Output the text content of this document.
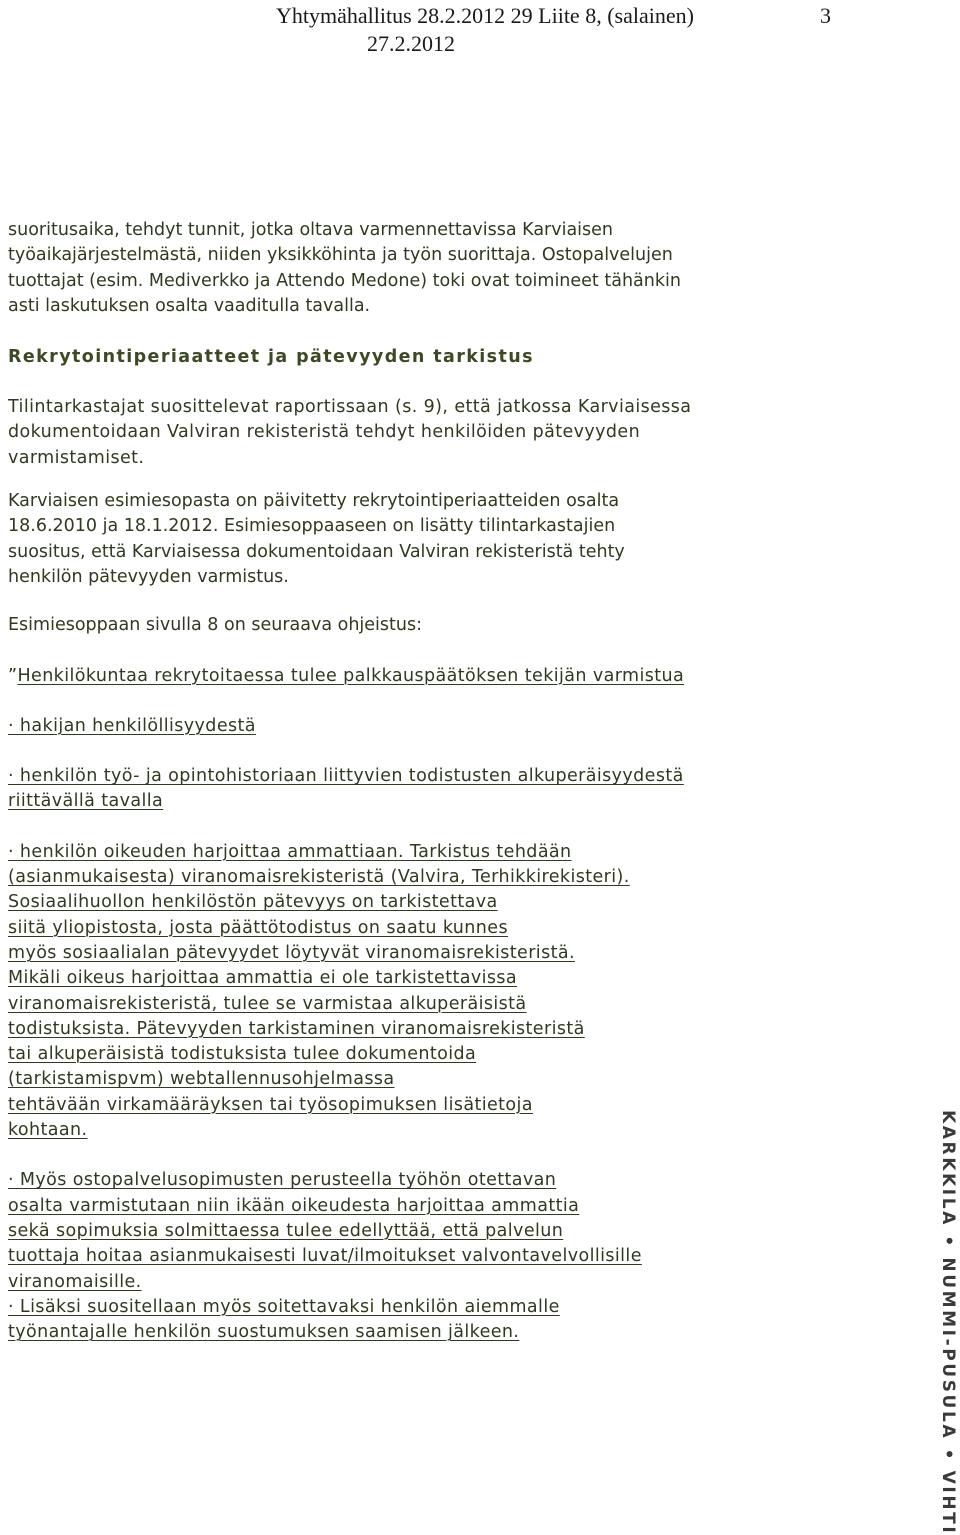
Yhtymähallitus 28.2.2012 29 Liite 8, (salainen)	3
27.2.2012

suoritusaika, tehdyt tunnit, jotka oltava varmennettavissa Karviaisen
työaikajärjestelmästä, niiden yksikköhinta ja työn suorittaja. Ostopalvelujen
tuottajat (esim. Mediverkko ja Attendo Medone) toki ovat toimineet tähänkin
asti laskutuksen osalta vaaditulla tavalla.

Rekrytointiperiaatteet ja pätevyyden tarkistus

Tilintarkastajat suosittelevat raportissaan (s. 9), että jatkossa Karviaisessa
dokumentoidaan Valviran rekisteristä tehdyt henkilöiden pätevyyden
varmistamiset.

Karviaisen esimiesopasta on päivitetty rekrytointiperiaatteiden osalta
18.6.2010 ja 18.1.2012. Esimiesoppaaseen on lisätty tilintarkastajien
suositus, että Karviaisessa dokumentoidaan Valviran rekisteristä tehty
henkilön pätevyyden varmistus.

Esimiesoppaan sivulla 8 on seuraava ohjeistus:

”Henkilökuntaa rekrytoitaessa tulee palkkauspäätöksen tekijän varmistua
· hakijan henkilöllisyydestä
· henkilön työ- ja opintohistoriaan liittyvien todistusten alkuperäisyydestä
riittävällä tavalla
· henkilön oikeuden harjoittaa ammattiaan. Tarkistus tehdään
(asianmukaisesta) viranomaisrekisteristä (Valvira, Terhikkirekisteri).
Sosiaalihuollon henkilöstön pätevyys on tarkistettava
siitä yliopistosta, josta päättötodistus on saatu kunnes
myös sosiaalialan pätevyydet löytyvät viranomaisrekisteristä.
Mikäli oikeus harjoittaa ammattia ei ole tarkistettavissa
viranomaisrekisteristä, tulee se varmistaa alkuperäisistä
todistuksista. Pätevyyden tarkistaminen viranomaisrekisteristä
tai alkuperäisistä todistuksista tulee dokumentoida
(tarkistamispvm) webtallennusohjelmassa
tehtävään virkamääräyksen tai työsopimuksen lisätietoja
kohtaan.
· Myös ostopalvelusopimusten perusteella työhön otettavan
osalta varmistutaan niin ikään oikeudesta harjoittaa ammattia
sekä sopimuksia solmittaessa tulee edellyttää, että palvelun
tuottaja hoitaa asianmukaisesti luvat/ilmoitukset valvontavelvollisille
viranomaisille.
· Lisäksi suositellaan myös soitettavaksi henkilön aiemmalle
työnantajalle henkilön suostumuksen saamisen jälkeen.	KARKKILA • NUMMI-PUSULA • VIHTI
